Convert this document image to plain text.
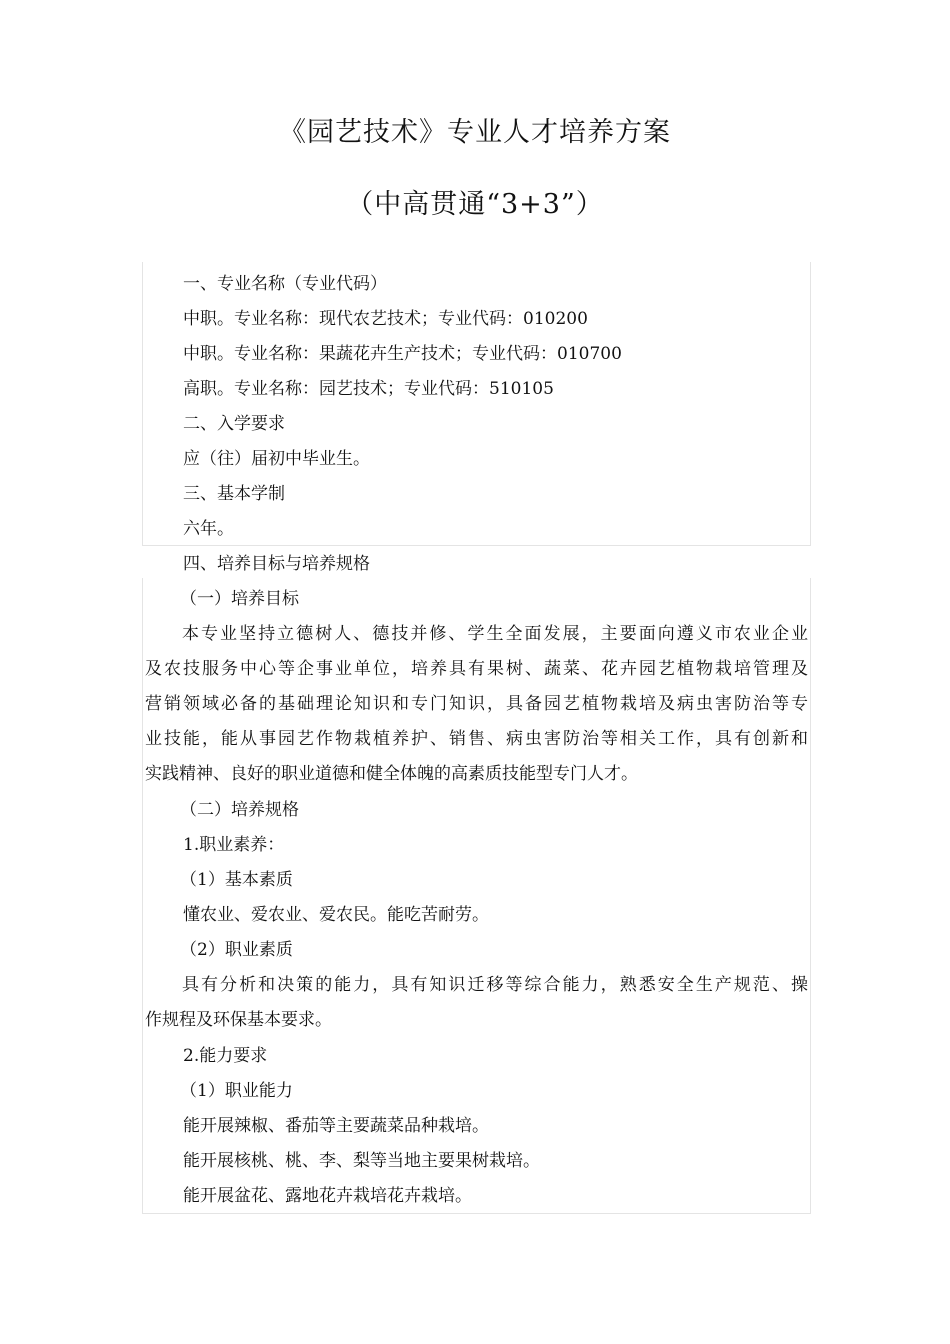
《园艺技术》专业人才培养方案
（中高贯通“3+3”）
一、专业名称（专业代码）
中职。专业名称：现代农艺技术；专业代码：010200
中职。专业名称：果蔬花卉生产技术；专业代码：010700
高职。专业名称：园艺技术；专业代码：510105
二、入学要求
应（往）届初中毕业生。
三、基本学制
六年。
四、培养目标与培养规格
（一）培养目标
本专业坚持立德树人、德技并修、学生全面发展，主要面向遵义市农业企业
及农技服务中心等企事业单位，培养具有果树、蔬菜、花卉园艺植物栽培管理及
营销领域必备的基础理论知识和专门知识，具备园艺植物栽培及病虫害防治等专
业技能，能从事园艺作物栽植养护、销售、病虫害防治等相关工作，具有创新和
实践精神、良好的职业道德和健全体魄的高素质技能型专门人才。
（二）培养规格
1.职业素养：
（1）基本素质
懂农业、爱农业、爱农民。能吃苦耐劳。
（2）职业素质
具有分析和决策的能力，具有知识迁移等综合能力，熟悉安全生产规范、操
作规程及环保基本要求。
2.能力要求
（1）职业能力
能开展辣椒、番茄等主要蔬菜品种栽培。
能开展核桃、桃、李、梨等当地主要果树栽培。
能开展盆花、露地花卉栽培花卉栽培。
